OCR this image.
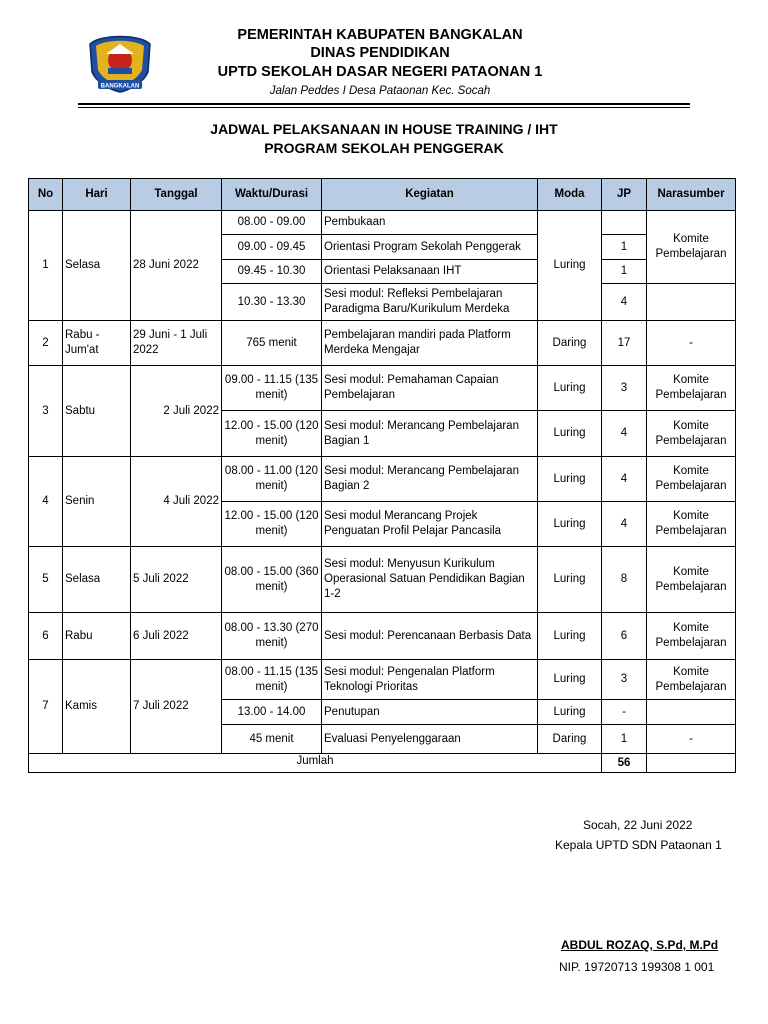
BANGKALAN
PEMERINTAH KABUPATEN BANGKALAN
DINAS PENDIDIKAN
UPTD SEKOLAH DASAR NEGERI PATAONAN 1
Jalan Peddes I Desa Pataonan Kec. Socah
JADWAL PELAKSANAAN IN HOUSE TRAINING / IHT
PROGRAM SEKOLAH PENGGERAK
No	Hari	Tanggal	Waktu/Durasi	Kegiatan	Moda	JP	Narasumber
1	Selasa	28 Juni 2022	08.00 - 09.00	Pembukaan	Luring		Komite Pembelajaran
			09.00 - 09.45	Orientasi Program Sekolah Penggerak		1	
			09.45 - 10.30	Orientasi Pelaksanaan IHT		1	
			10.30 - 13.30	Sesi modul: Refleksi Pembelajaran Paradigma Baru/Kurikulum Merdeka		4	
2	Rabu - Jum'at	29 Juni - 1 Juli 2022	765 menit	Pembelajaran mandiri pada Platform Merdeka Mengajar	Daring	17	-
3	Sabtu	2 Juli 2022	09.00 - 11.15 (135 menit)	Sesi modul: Pemahaman Capaian Pembelajaran	Luring	3	Komite Pembelajaran
			12.00 - 15.00 (120 menit)	Sesi modul: Merancang Pembelajaran Bagian 1	Luring	4	Komite Pembelajaran
4	Senin	4 Juli 2022	08.00 - 11.00 (120 menit)	Sesi modul: Merancang Pembelajaran Bagian 2	Luring	4	Komite Pembelajaran
			12.00 - 15.00 (120 menit)	Sesi modul Merancang Projek Penguatan Profil Pelajar Pancasila	Luring	4	Komite Pembelajaran
5	Selasa	5 Juli 2022	08.00 - 15.00 (360 menit)	Sesi modul: Menyusun Kurikulum Operasional Satuan Pendidikan Bagian 1-2	Luring	8	Komite Pembelajaran
6	Rabu	6 Juli 2022	08.00 - 13.30 (270 menit)	Sesi modul: Perencanaan Berbasis Data	Luring	6	Komite Pembelajaran
7	Kamis	7 Juli 2022	08.00 - 11.15 (135 menit)	Sesi modul: Pengenalan Platform Teknologi Prioritas	Luring	3	Komite Pembelajaran
			13.00 - 14.00	Penutupan	Luring	-	
			45 menit	Evaluasi Penyelenggaraan	Daring	1	-
Jumlah						56	
Socah, 22 Juni 2022
Kepala UPTD SDN Pataonan 1
ABDUL ROZAQ, S.Pd, M.Pd
NIP. 19720713 199308 1 001
